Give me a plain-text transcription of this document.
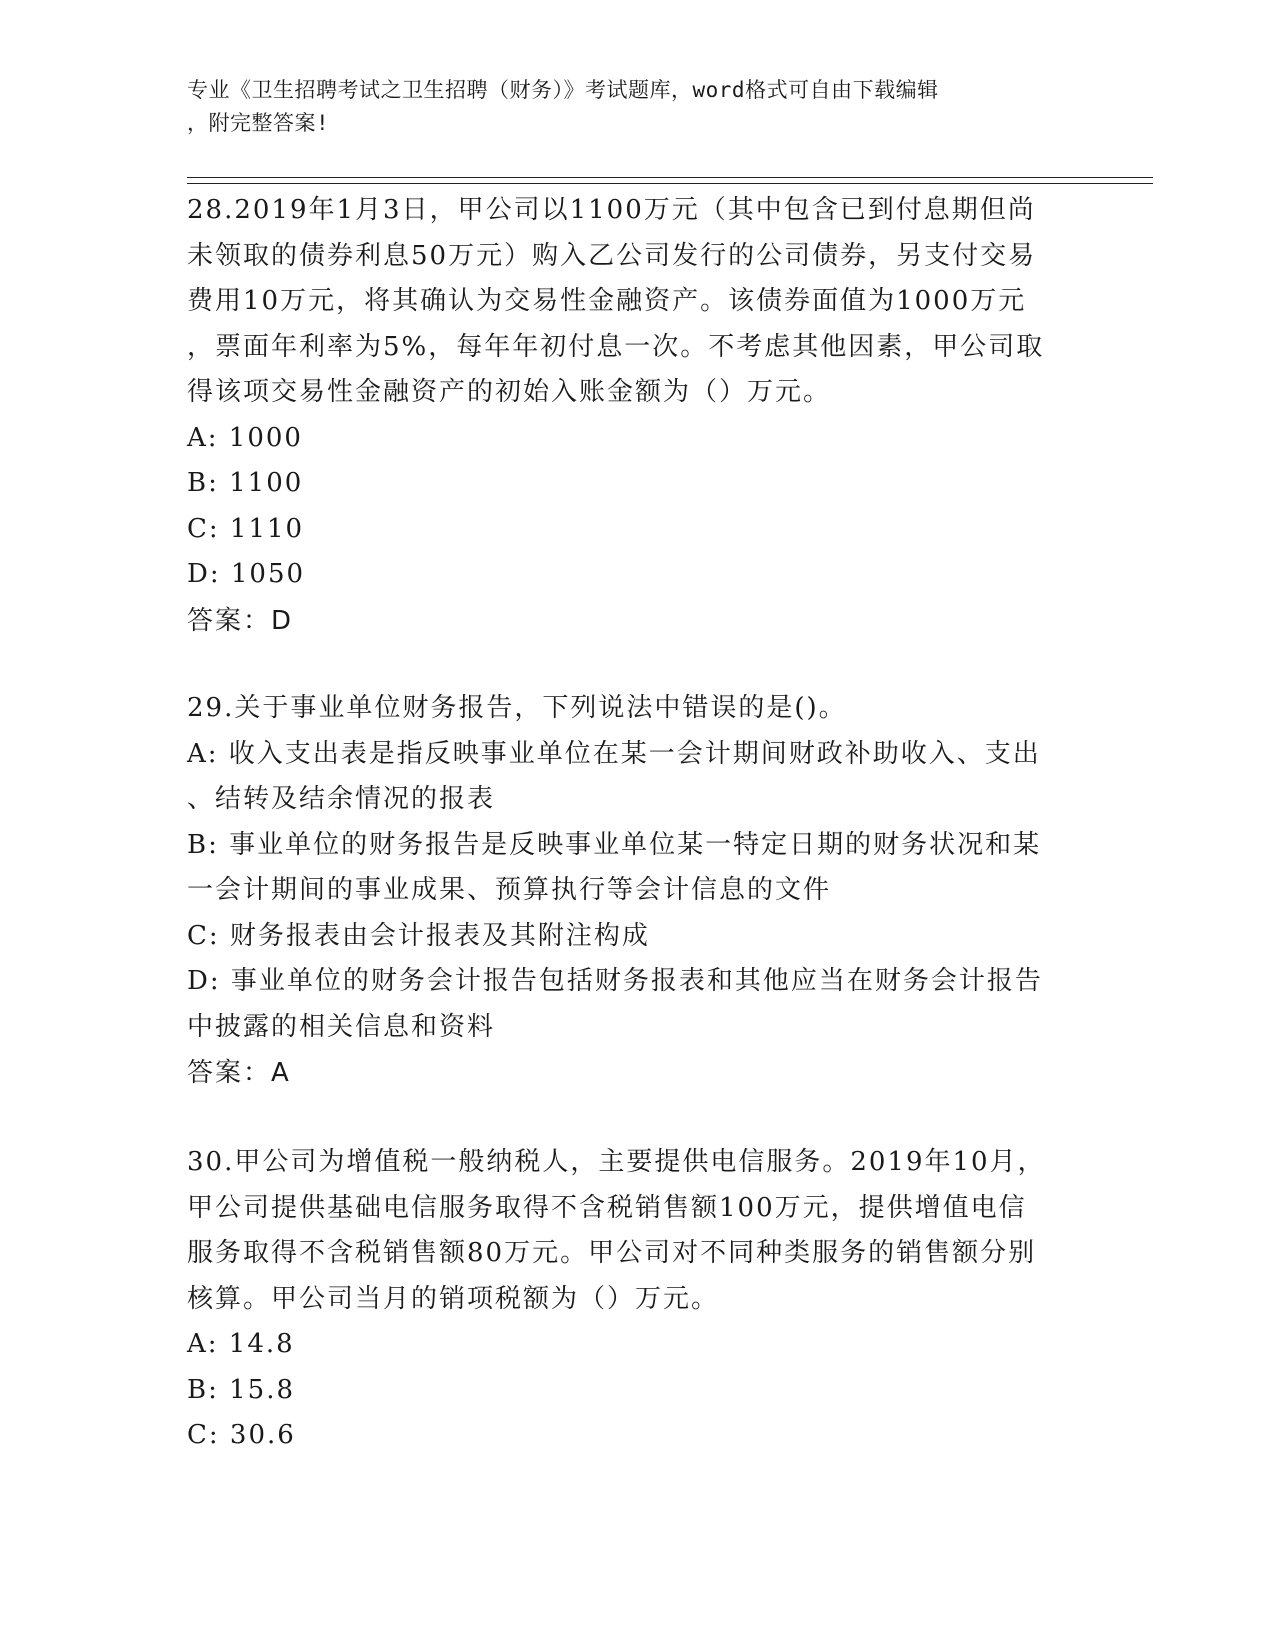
专业《卫生招聘考试之卫生招聘（财务）》考试题库，word格式可自由下载编辑
，附完整答案!
28.2019年1月3日，甲公司以1100万元（其中包含已到付息期但尚
未领取的债券利息50万元）购入乙公司发行的公司债券，另支付交易
费用10万元，将其确认为交易性金融资产。该债券面值为1000万元
，票面年利率为5%，每年年初付息一次。不考虑其他因素，甲公司取
得该项交易性金融资产的初始入账金额为（）万元。
A: 1000
B: 1100
C: 1110
D: 1050
答案：D
29.关于事业单位财务报告，下列说法中错误的是()。
A: 收入支出表是指反映事业单位在某一会计期间财政补助收入、支出
、结转及结余情况的报表
B: 事业单位的财务报告是反映事业单位某一特定日期的财务状况和某
一会计期间的事业成果、预算执行等会计信息的文件
C: 财务报表由会计报表及其附注构成
D: 事业单位的财务会计报告包括财务报表和其他应当在财务会计报告
中披露的相关信息和资料
答案：A
30.甲公司为增值税一般纳税人，主要提供电信服务。2019年10月，
甲公司提供基础电信服务取得不含税销售额100万元，提供增值电信
服务取得不含税销售额80万元。甲公司对不同种类服务的销售额分别
核算。甲公司当月的销项税额为（）万元。
A: 14.8
B: 15.8
C: 30.6
